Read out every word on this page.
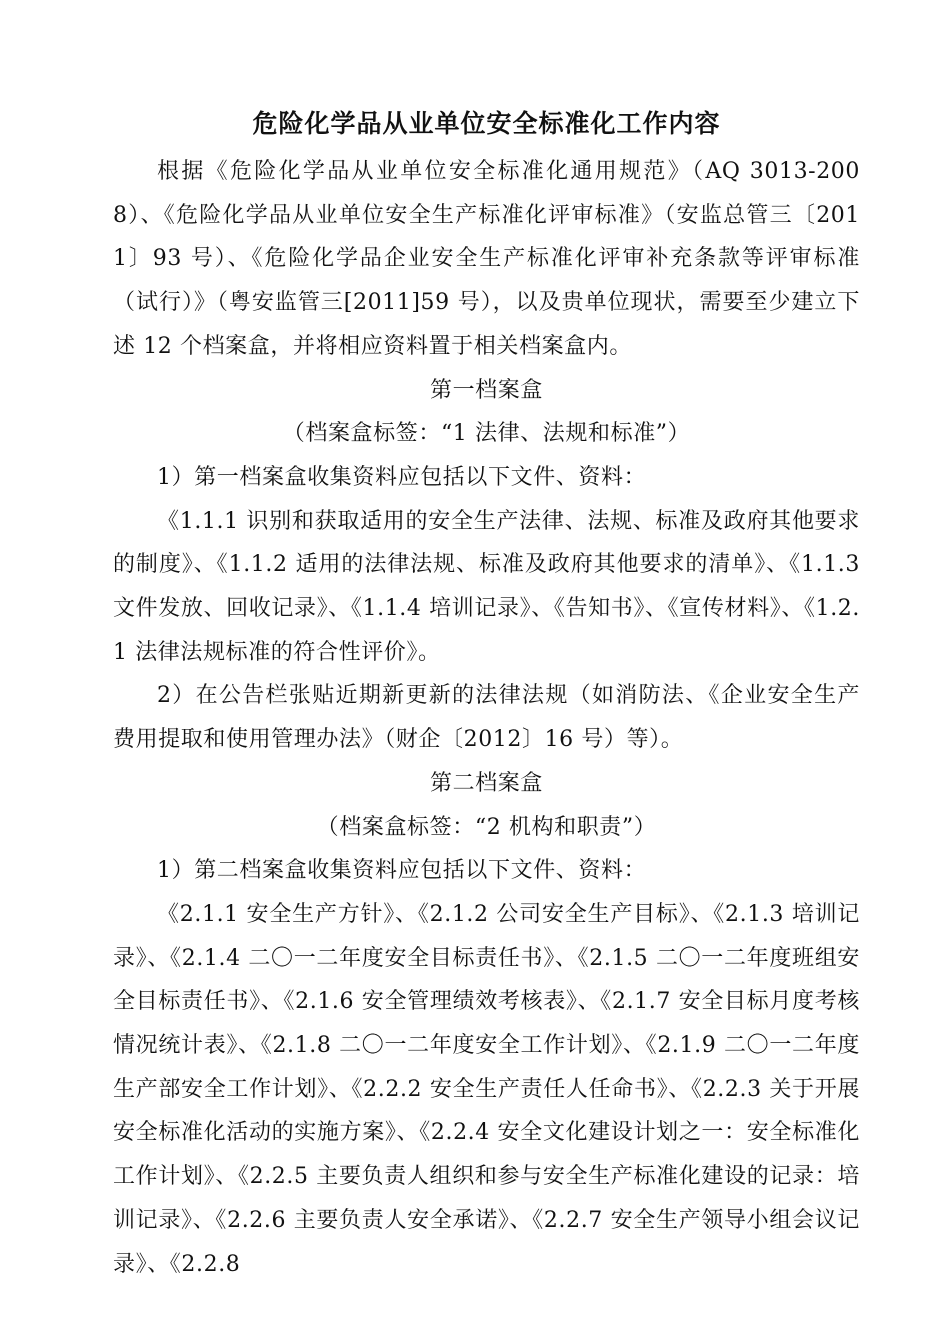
危险化学品从业单位安全标准化工作内容

根据《危险化学品从业单位安全标准化通用规范》（AQ 3013-2008）、《危险化学品从业单位安全生产标准化评审标准》（安监总管三〔2011〕93 号）、《危险化学品企业安全生产标准化评审补充条款等评审标准（试行）》（粤安监管三[2011]59 号），以及贵单位现状，需要至少建立下述 12 个档案盒，并将相应资料置于相关档案盒内。

第一档案盒

（档案盒标签：“1 法律、法规和标准”）

1）第一档案盒收集资料应包括以下文件、资料：

《1.1.1 识别和获取适用的安全生产法律、法规、标准及政府其他要求的制度》、《1.1.2 适用的法律法规、标准及政府其他要求的清单》、《1.1.3 文件发放、回收记录》、《1.1.4 培训记录》、《告知书》、《宣传材料》、《1.2.1 法律法规标准的符合性评价》。

2）在公告栏张贴近期新更新的法律法规（如消防法、《企业安全生产费用提取和使用管理办法》（财企〔2012〕16 号）等）。

第二档案盒

（档案盒标签：“2 机构和职责”）

1）第二档案盒收集资料应包括以下文件、资料：

《2.1.1 安全生产方针》、《2.1.2 公司安全生产目标》、《2.1.3 培训记录》、《2.1.4 二〇一二年度安全目标责任书》、《2.1.5 二〇一二年度班组安全目标责任书》、《2.1.6 安全管理绩效考核表》、《2.1.7 安全目标月度考核情况统计表》、《2.1.8 二〇一二年度安全工作计划》、《2.1.9 二〇一二年度生产部安全工作计划》、《2.2.2 安全生产责任人任命书》、《2.2.3 关于开展安全标准化活动的实施方案》、《2.2.4 安全文化建设计划之一：安全标准化工作计划》、《2.2.5 主要负责人组织和参与安全生产标准化建设的记录：培训记录》、《2.2.6 主要负责人安全承诺》、《2.2.7 安全生产领导小组会议记录》、《2.2.8
